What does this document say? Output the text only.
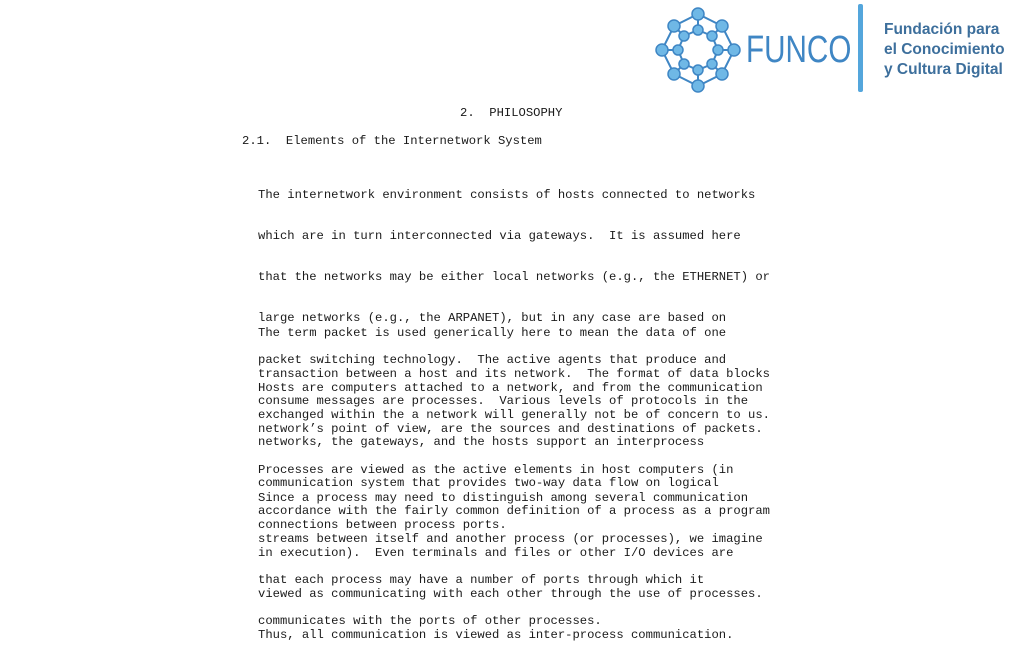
FUNCO Fundación para
el Conocimiento
y Cultura Digital
2.  PHILOSOPHY
2.1.  Elements of the Internetwork System

The internetwork environment consists of hosts connected to networks

which are in turn interconnected via gateways.  It is assumed here

that the networks may be either local networks (e.g., the ETHERNET) or

large networks (e.g., the ARPANET), but in any case are based on

packet switching technology.  The active agents that produce and

consume messages are processes.  Various levels of protocols in the

networks, the gateways, and the hosts support an interprocess

communication system that provides two-way data flow on logical

connections between process ports.

The term packet is used generically here to mean the data of one

transaction between a host and its network.  The format of data blocks

exchanged within the a network will generally not be of concern to us.

Hosts are computers attached to a network, and from the communication

network’s point of view, are the sources and destinations of packets.

Processes are viewed as the active elements in host computers (in

accordance with the fairly common definition of a process as a program

in execution).  Even terminals and files or other I/O devices are

viewed as communicating with each other through the use of processes.

Thus, all communication is viewed as inter-process communication.

Since a process may need to distinguish among several communication

streams between itself and another process (or processes), we imagine

that each process may have a number of ports through which it

communicates with the ports of other processes.
